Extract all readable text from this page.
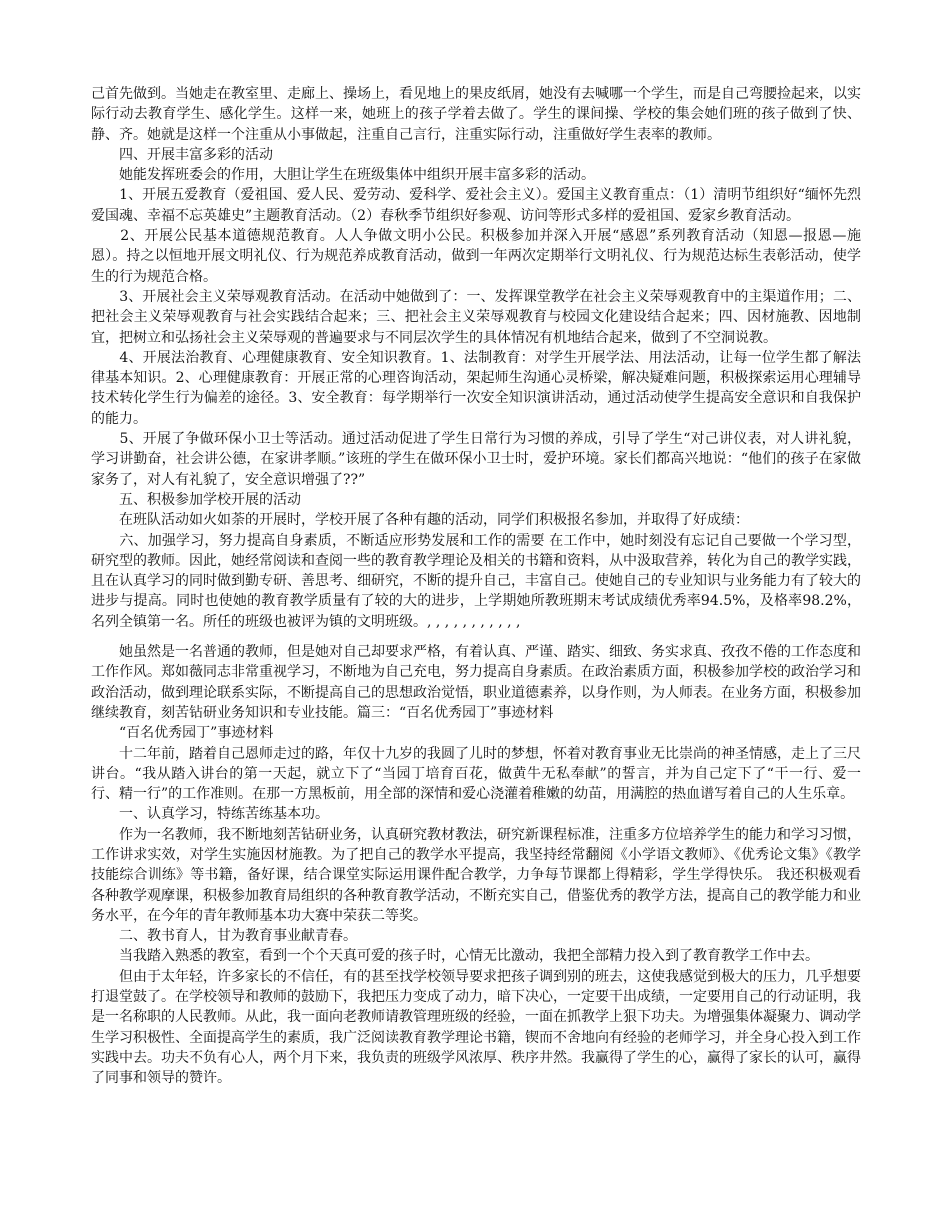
己首先做到。当她走在教室里、走廊上、操场上，看见地上的果皮纸屑，她没有去喊哪一个学生，而是自己弯腰捡起来，以实际行动去教育学生、感化学生。这样一来，她班上的孩子学着去做了。学生的课间操、学校的集会她们班的孩子做到了快、静、齐。她就是这样一个注重从小事做起，注重自己言行，注重实际行动，注重做好学生表率的教师。

　　四、开展丰富多彩的活动

　　她能发挥班委会的作用，大胆让学生在班级集体中组织开展丰富多彩的活动。

　　1、开展五爱教育（爱祖国、爱人民、爱劳动、爱科学、爱社会主义）。爱国主义教育重点：（1）清明节组织好“缅怀先烈爱国魂、幸福不忘英雄史”主题教育活动。（2）春秋季节组织好参观、访问等形式多样的爱祖国、爱家乡教育活动。

　　2、开展公民基本道德规范教育。人人争做文明小公民。积极参加并深入开展“感恩”系列教育活动（知恩—报恩—施恩）。持之以恒地开展文明礼仪、行为规范养成教育活动，做到一年两次定期举行文明礼仪、行为规范达标生表彰活动，使学生的行为规范合格。

　　3、开展社会主义荣辱观教育活动。在活动中她做到了：一、发挥课堂教学在社会主义荣辱观教育中的主渠道作用；二、把社会主义荣辱观教育与社会实践结合起来；三、把社会主义荣辱观教育与校园文化建设结合起来；四、因材施教、因地制宜，把树立和弘扬社会主义荣辱观的普遍要求与不同层次学生的具体情况有机地结合起来，做到了不空洞说教。

　　4、开展法治教育、心理健康教育、安全知识教育。1、法制教育：对学生开展学法、用法活动，让每一位学生都了解法律基本知识。2、心理健康教育：开展正常的心理咨询活动，架起师生沟通心灵桥梁，解决疑难问题，积极探索运用心理辅导技术转化学生行为偏差的途径。3、安全教育：每学期举行一次安全知识演讲活动，通过活动使学生提高安全意识和自我保护的能力。

　　5、开展了争做环保小卫士等活动。通过活动促进了学生日常行为习惯的养成，引导了学生“对己讲仪表，对人讲礼貌，学习讲勤奋，社会讲公德，在家讲孝顺。”该班的学生在做环保小卫士时，爱护环境。家长们都高兴地说：“他们的孩子在家做家务了，对人有礼貌了，安全意识增强了??”

　　五、积极参加学校开展的活动

　　在班队活动如火如荼的开展时，学校开展了各种有趣的活动，同学们积极报名参加，并取得了好成绩：

　　六、加强学习，努力提高自身素质，不断适应形势发展和工作的需要 在工作中，她时刻没有忘记自己要做一个学习型，研究型的教师。因此，她经常阅读和查阅一些的教育教学理论及相关的书籍和资料，从中汲取营养，转化为自己的教学实践，且在认真学习的同时做到勤专研、善思考、细研究，不断的提升自己，丰富自己。使她自己的专业知识与业务能力有了较大的进步与提高。同时也使她的教育教学质量有了较的大的进步，上学期她所教班期末考试成绩优秀率94.5%，及格率98.2%，名列全镇第一名。所任的班级也被评为镇的文明班级。, , , , , , , , , , ,

　　她虽然是一名普通的教师，但是她对自己却要求严格，有着认真、严谨、踏实、细致、务实求真、孜孜不倦的工作态度和工作作风。郑如薇同志非常重视学习，不断地为自己充电，努力提高自身素质。在政治素质方面，积极参加学校的政治学习和政治活动，做到理论联系实际，不断提高自己的思想政治觉悟，职业道德素养，以身作则，为人师表。在业务方面，积极参加继续教育，刻苦钻研业务知识和专业技能。篇三：“百名优秀园丁”事迹材料

　　“百名优秀园丁”事迹材料

　　十二年前，踏着自己恩师走过的路，年仅十九岁的我圆了儿时的梦想，怀着对教育事业无比崇尚的神圣情感，走上了三尺讲台。“我从踏入讲台的第一天起，就立下了“当园丁培育百花，做黄牛无私奉献”的誓言，并为自己定下了“干一行、爱一行、精一行”的工作准则。在那一方黑板前，用全部的深情和爱心浇灌着稚嫩的幼苗，用满腔的热血谱写着自己的人生乐章。

　　一、认真学习，特练苦练基本功。

　　作为一名教师，我不断地刻苦钻研业务，认真研究教材教法，研究新课程标准，注重多方位培养学生的能力和学习习惯，工作讲求实效，对学生实施因材施教。为了把自己的教学水平提高，我坚持经常翻阅《小学语文教师》、《优秀论文集》《教学技能综合训练》等书籍，备好课，结合课堂实际运用课件配合教学，力争每节课都上得精彩，学生学得快乐。 我还积极观看各种教学观摩课，积极参加教育局组织的各种教育教学活动，不断充实自己，借鉴优秀的教学方法，提高自己的教学能力和业务水平，在今年的青年教师基本功大赛中荣获二等奖。

　　二、教书育人，甘为教育事业献青春。

　　当我踏入熟悉的教室，看到一个个天真可爱的孩子时，心情无比激动，我把全部精力投入到了教育教学工作中去。

　　但由于太年轻，许多家长的不信任，有的甚至找学校领导要求把孩子调到别的班去，这使我感觉到极大的压力，几乎想要打退堂鼓了。在学校领导和教师的鼓励下，我把压力变成了动力，暗下决心，一定要干出成绩，一定要用自己的行动证明，我是一名称职的人民教师。从此，我一面向老教师请教管理班级的经验，一面在抓教学上狠下功夫。为增强集体凝聚力、调动学生学习积极性、全面提高学生的素质，我广泛阅读教育教学理论书籍，锲而不舍地向有经验的老师学习，并全身心投入到工作实践中去。功夫不负有心人，两个月下来，我负责的班级学风浓厚、秩序井然。我赢得了学生的心，赢得了家长的认可，赢得了同事和领导的赞许。
